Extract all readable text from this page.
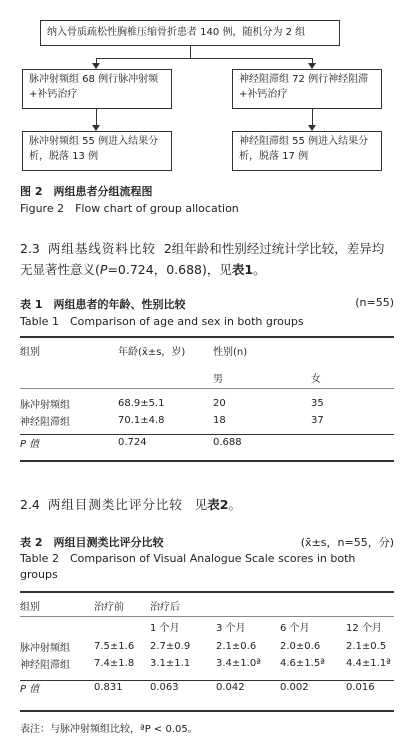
纳入骨质疏松性胸椎压缩骨折患者 140 例，随机分为 2 组
脉冲射频组 68 例行脉冲射频+补钙治疗
神经阻滞组 72 例行神经阻滞+补钙治疗
脉冲射频组 55 例进入结果分析，脱落 13 例
神经阻滞组 55 例进入结果分析，脱落 17 例
图 2　两组患者分组流程图
Figure 2　Flow chart of group allocation
2.3 两组基线资料比较 2组年龄和性别经过统计学比较，差异均无显著性意义(P=0.724，0.688)，见表1。
表 1　两组患者的年龄、性别比较	(n=55)
Table 1　Comparison of age and sex in both groups
组别	年龄(x̄±s，岁)	性别(n)	
		男	女
脉冲射频组	68.9±5.1	20	35
神经阻滞组	70.1±4.8	18	37
P 值	0.724	0.688	
2.4 两组目测类比评分比较 见表2。
表 2　两组目测类比评分比较	(x̄±s，n=55，分)
Table 2　Comparison of Visual Analogue Scale scores in both groups
组别	治疗前	治疗后			
		1 个月	3 个月	6 个月	12 个月
脉冲射频组	7.5±1.6	2.7±0.9	2.1±0.6	2.0±0.6	2.1±0.5
神经阻滞组	7.4±1.8	3.1±1.1	3.4±1.0ª	4.6±1.5ª	4.4±1.1ª
P 值	0.831	0.063	0.042	0.002	0.016
表注：与脉冲射频组比较，ªP < 0.05。
